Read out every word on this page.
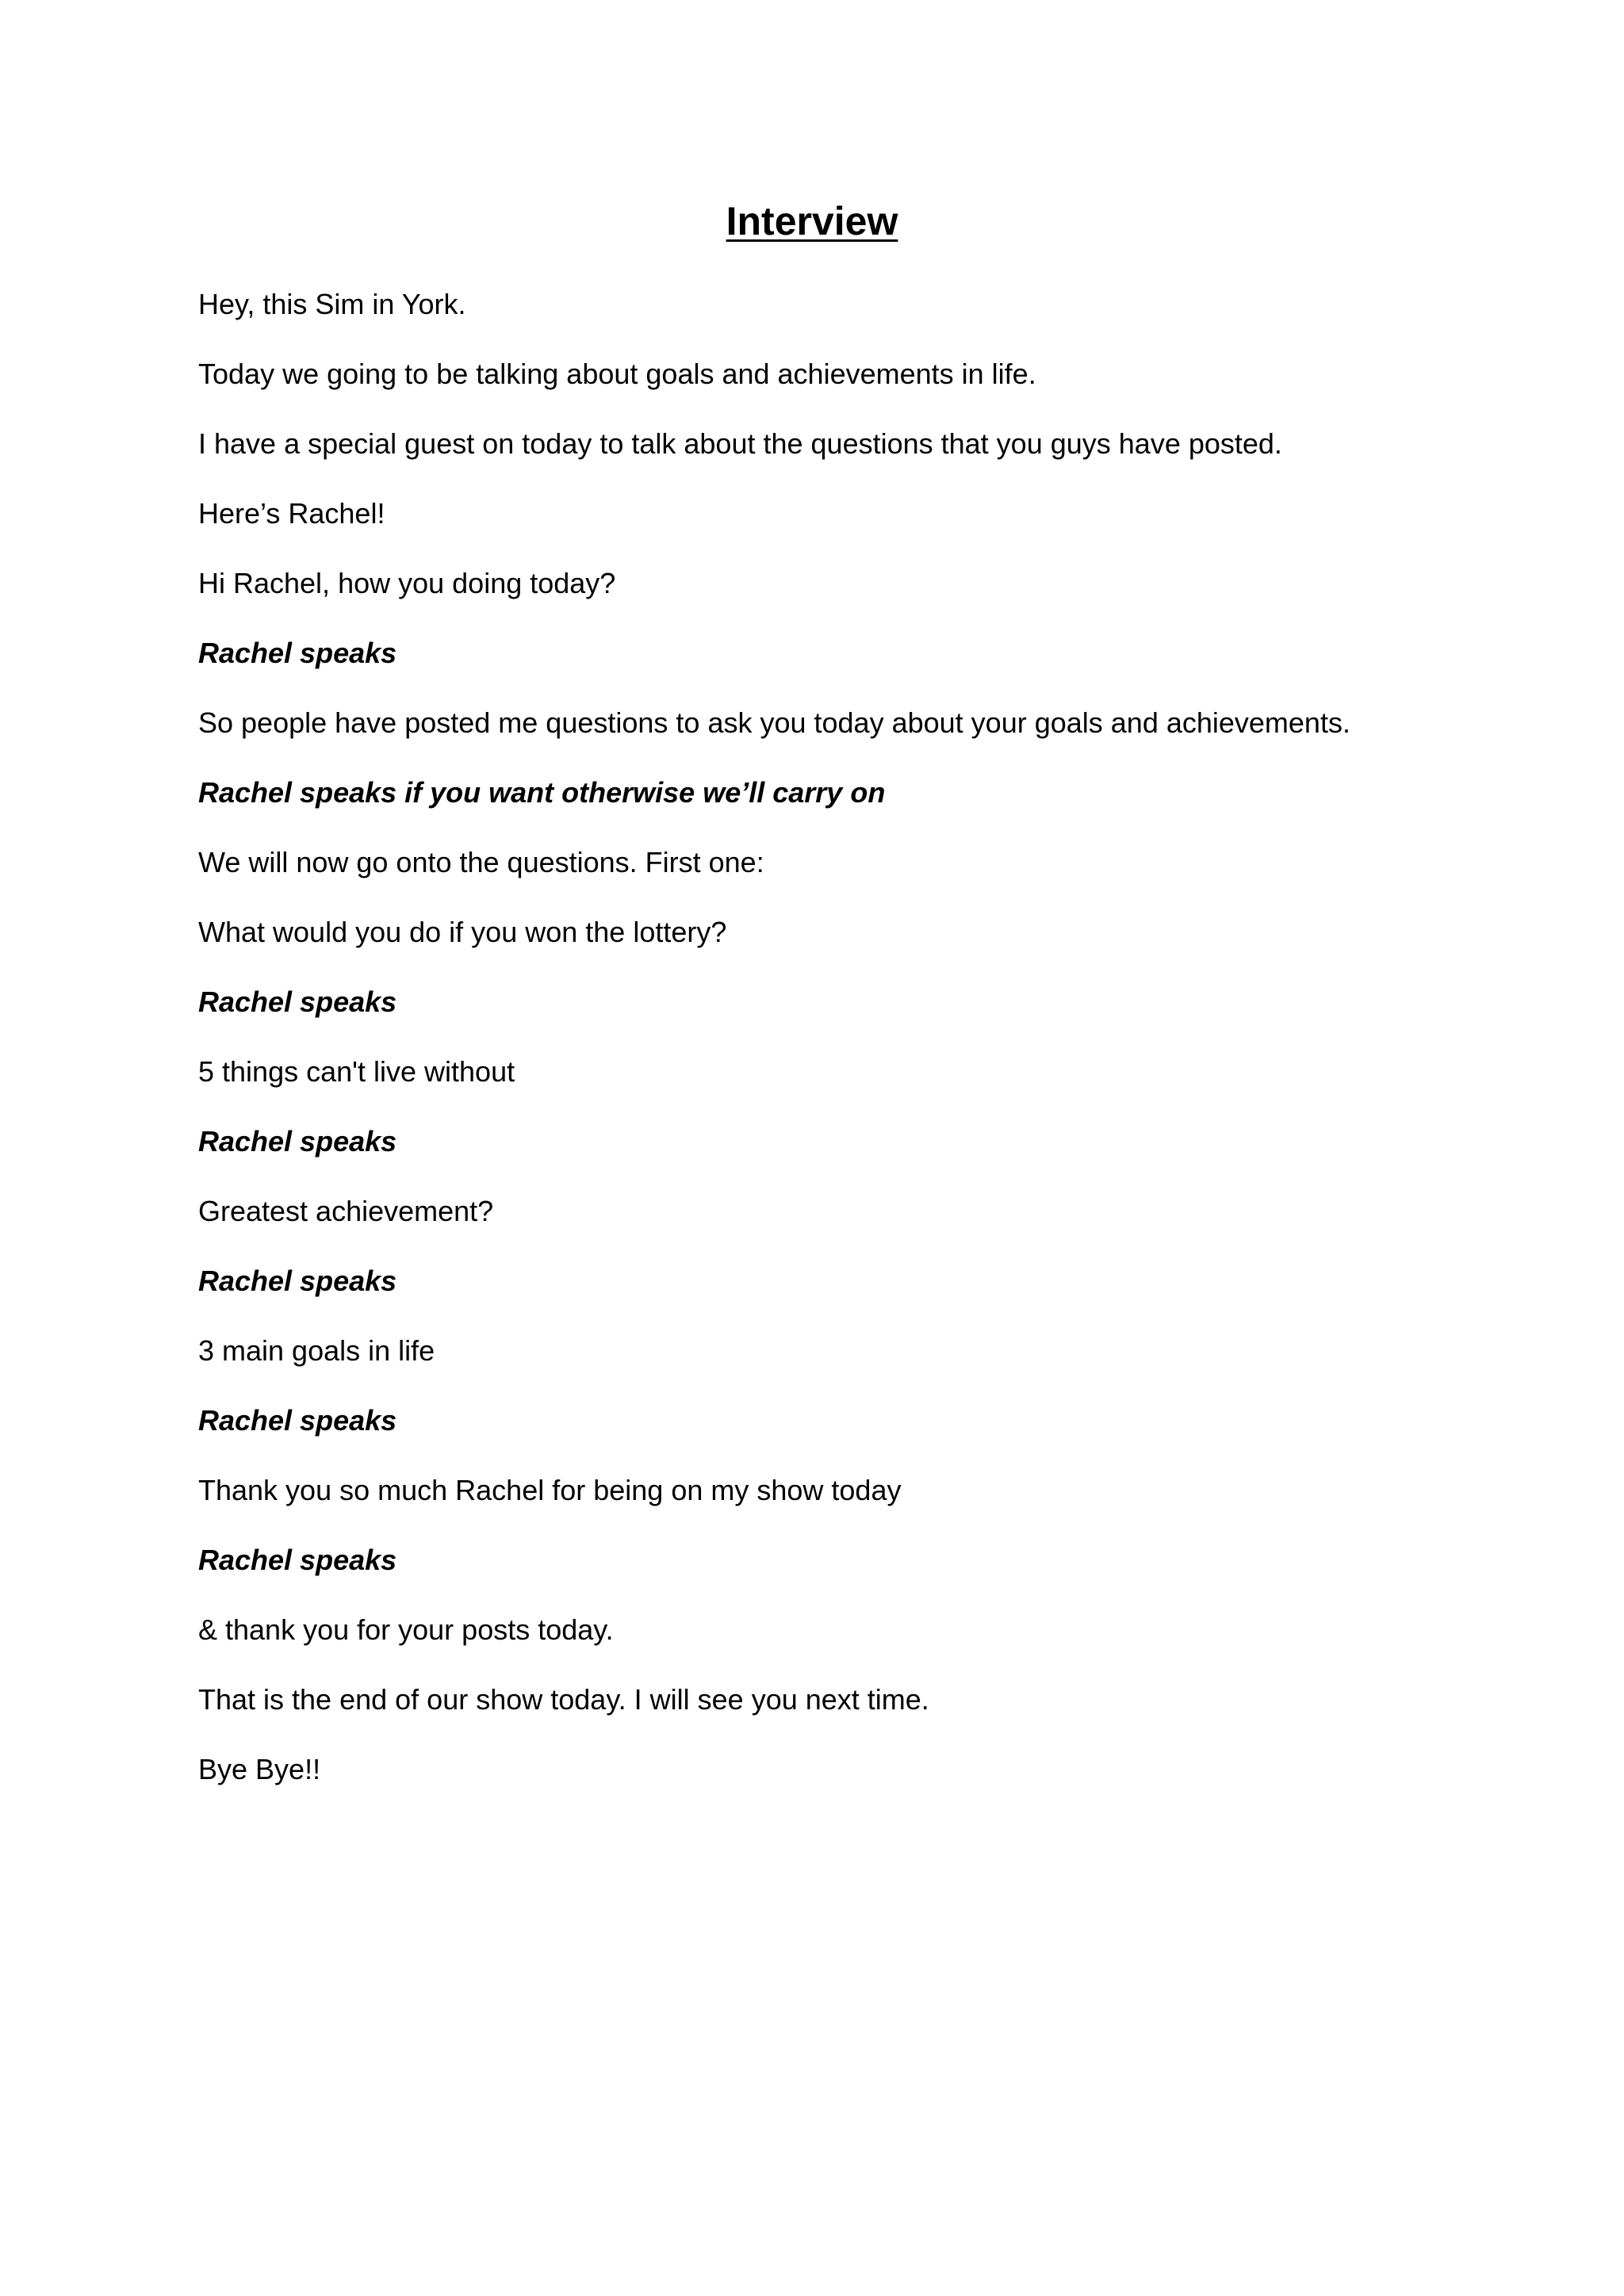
Interview

Hey, this Sim in York.

Today we going to be talking about goals and achievements in life.

I have a special guest on today to talk about the questions that you guys have posted.

Here’s Rachel!

Hi Rachel, how you doing today?

Rachel speaks

So people have posted me questions to ask you today about your goals and achievements.

Rachel speaks if you want otherwise we’ll carry on

We will now go onto the questions. First one:

What would you do if you won the lottery?

Rachel speaks

5 things can't live without

Rachel speaks

Greatest achievement?

Rachel speaks

3 main goals in life

Rachel speaks

Thank you so much Rachel for being on my show today

Rachel speaks

& thank you for your posts today.

That is the end of our show today. I will see you next time.

Bye Bye!!
